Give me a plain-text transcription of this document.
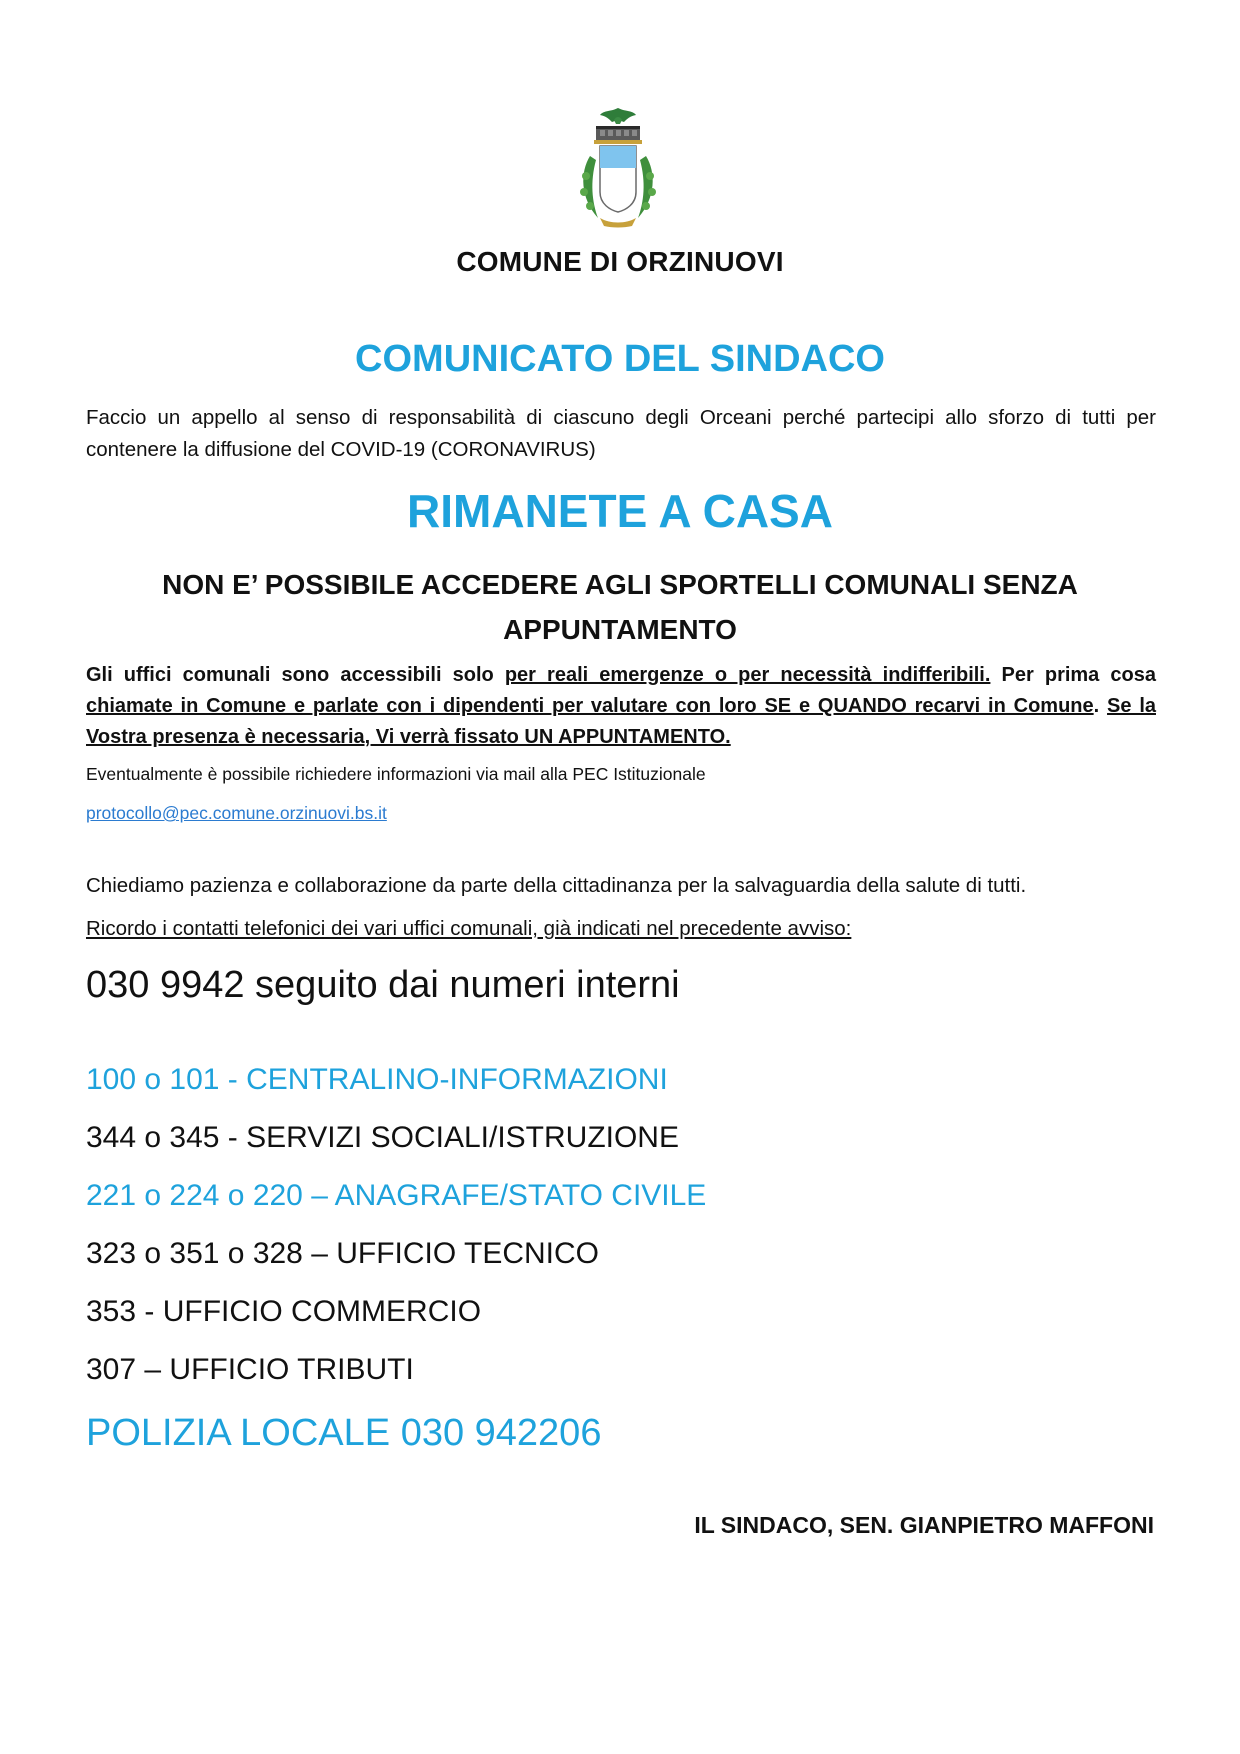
COMUNE DI ORZINUOVI
COMUNICATO DEL SINDACO
Faccio un appello al senso di responsabilità di ciascuno degli Orceani perché partecipi allo sforzo di tutti per contenere la diffusione del COVID-19 (CORONAVIRUS)
RIMANETE A CASA
NON E’ POSSIBILE ACCEDERE AGLI SPORTELLI COMUNALI SENZA
APPUNTAMENTO
Gli uffici comunali sono accessibili solo per reali emergenze o per necessità indifferibili. Per prima cosa chiamate in Comune e parlate con i dipendenti per valutare con loro SE e QUANDO recarvi in Comune. Se la Vostra presenza è necessaria, Vi verrà fissato UN APPUNTAMENTO.
Eventualmente è possibile richiedere informazioni via mail alla PEC Istituzionale
protocollo@pec.comune.orzinuovi.bs.it
Chiediamo pazienza e collaborazione da parte della cittadinanza per la salvaguardia della salute di tutti.
Ricordo i contatti telefonici dei vari uffici comunali, già indicati nel precedente avviso:
030 9942 seguito dai numeri interni
100 o 101 - CENTRALINO-INFORMAZIONI
344 o 345 - SERVIZI SOCIALI/ISTRUZIONE
221 o 224 o 220 – ANAGRAFE/STATO CIVILE
323 o 351 o 328 – UFFICIO TECNICO
353 - UFFICIO COMMERCIO
307 – UFFICIO TRIBUTI
POLIZIA LOCALE 030 942206
IL SINDACO, SEN. GIANPIETRO MAFFONI
